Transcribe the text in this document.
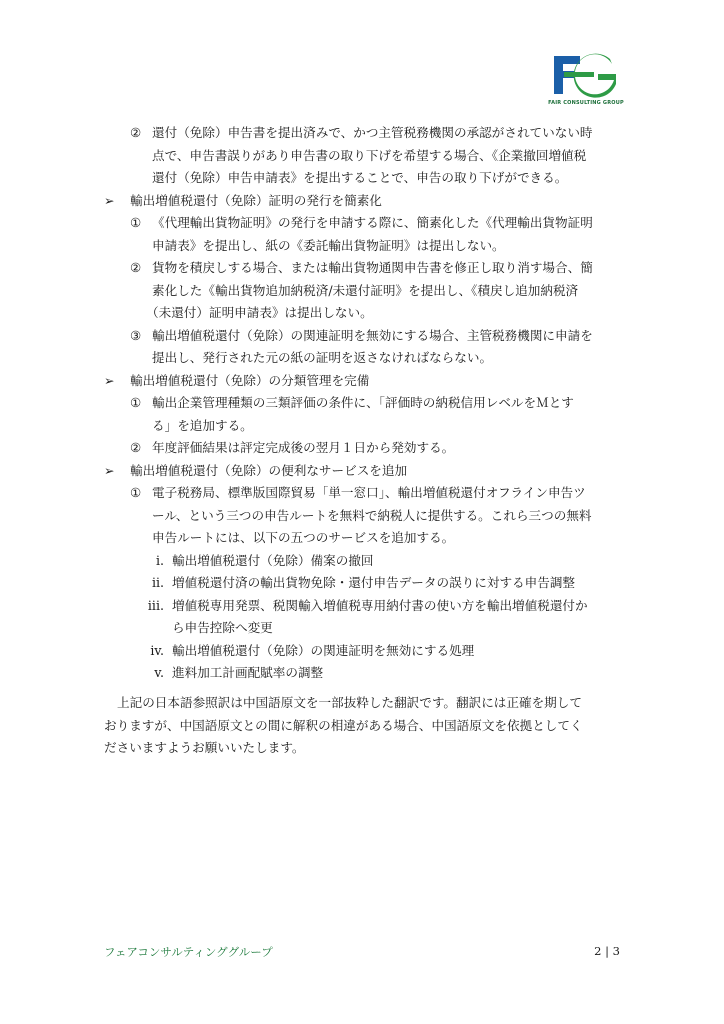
FAIR CONSULTING GROUP
② 還付（免除）申告書を提出済みで、かつ主管税務機関の承認がされていない時
点で、申告書誤りがあり申告書の取り下げを希望する場合、《企業撤回増値税
還付（免除）申告申請表》を提出することで、申告の取り下げができる。
➢ 輸出増値税還付（免除）証明の発行を簡素化
① 《代理輸出貨物証明》の発行を申請する際に、簡素化した《代理輸出貨物証明
申請表》を提出し、紙の《委託輸出貨物証明》は提出しない。
② 貨物を積戻しする場合、または輸出貨物通関申告書を修正し取り消す場合、簡
素化した《輸出貨物追加納税済/未還付証明》を提出し、《積戻し追加納税済
（未還付）証明申請表》は提出しない。
③ 輸出増値税還付（免除）の関連証明を無効にする場合、主管税務機関に申請を
提出し、発行された元の紙の証明を返さなければならない。
➢ 輸出増値税還付（免除）の分類管理を完備
① 輸出企業管理種類の三類評価の条件に、「評価時の納税信用レベルをＭとす
る」を追加する。
② 年度評価結果は評定完成後の翌月１日から発効する。
➢ 輸出増値税還付（免除）の便利なサービスを追加
① 電子税務局、標準版国際貿易「単一窓口」、輸出増値税還付オフライン申告ツ
ール、という三つの申告ルートを無料で納税人に提供する。これら三つの無料
申告ルートには、以下の五つのサービスを追加する。
i. 輸出増値税還付（免除）備案の撤回
ii. 増値税還付済の輸出貨物免除・還付申告データの誤りに対する申告調整
iii. 増値税専用発票、税関輸入増値税専用納付書の使い方を輸出増値税還付か
ら申告控除へ変更
iv. 輸出増値税還付（免除）の関連証明を無効にする処理
v. 進料加工計画配賦率の調整
上記の日本語参照訳は中国語原文を一部抜粋した翻訳です。翻訳には正確を期して
おりますが、中国語原文との間に解釈の相違がある場合、中国語原文を依拠としてく
ださいますようお願いいたします。
フェアコンサルティンググループ	2 | 3
